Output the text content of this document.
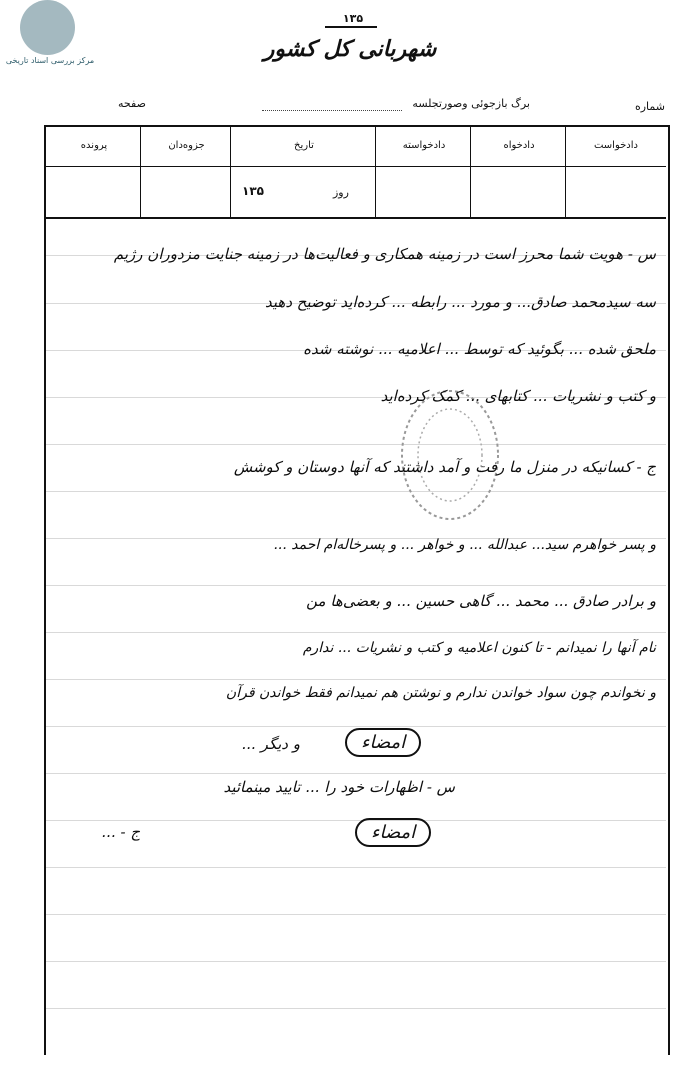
مرکز بررسی اسناد تاریخی
۱۳۵
شهربانی کل کشور
برگ بازجوئی وصورتجلسه	شماره
صفحه
دادخواست
دادخواه
دادخواسته
تاریخ
جزوه‌دان
پرونده
روز
۱۳۵
س - هویت شما محرز است در زمینه همکاری و فعالیت‌ها در زمینه جنایت مزدوران رژیم
سه سیدمحمد صادق... و مورد ... رابطه ... کرده‌اید توضیح دهید
ملحق شده ... بگوئید که توسط ... اعلامیه ... نوشته شده
و کتب و نشریات ... کتابهای ... کمک کرده‌اید
ج - کسانیکه در منزل ما رفت و آمد داشتند که آنها دوستان و کوشش
و پسر خواهرم سید... عبدالله ... و خواهر ... و پسرخاله‌ام احمد ...
و برادر صادق ... محمد ... گاهی حسین ... و بعضی‌ها من
نام آنها را نمیدانم - تا کنون اعلامیه و کتب و نشریات ... ندارم
و نخواندم چون سواد خواندن ندارم و نوشتن هم نمیدانم فقط خواندن قرآن
و دیگر ...
س - اظهارات خود را ... تایید مینمائید
ج - ...
امضاء
امضاء
